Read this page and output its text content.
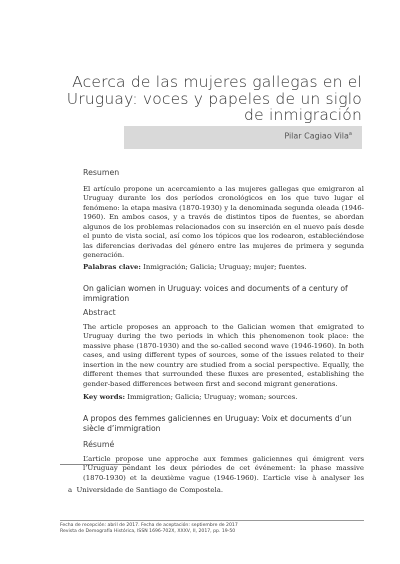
Acerca de las mujeres gallegas en el
Uruguay: voces y papeles de un siglo
de inmigración
Pilar Cagiao Vila$^a$
Resumen
El artículo propone un acercamiento a las mujeres gallegas que emigraron al Uruguay durante los dos períodos cronológicos en los que tuvo lugar el fenómeno: la etapa masiva (1870-1930) y la denominada segunda oleada (1946-1960). En ambos casos, y a través de distintos tipos de fuentes, se abordan algunos de los problemas relacionados con su inserción en el nuevo país desde el punto de vista social, así como los tópicos que los rodearon, estableciéndose las diferencias derivadas del género entre las mujeres de primera y segunda generación.
Palabras clave: Inmigración; Galicia; Uruguay; mujer; fuentes.
On galician women in Uruguay: voices and documents of a century of immigration
Abstract
The article proposes an approach to the Galician women that emigrated to Uruguay during the two periods in which this phenomenon took place: the massive phase (1870-1930) and the so-called second wave (1946-1960). In both cases, and using different types of sources, some of the issues related to their insertion in the new country are studied from a social perspective. Equally, the different themes that surrounded these fluxes are presented, establishing the gender-based differences between first and second migrant generations.
Key words: Immigration; Galicia; Uruguay; woman; sources.
A propos des femmes galiciennes en Uruguay: Voix et documents d’un siècle d’immigration
Résumé
L’article propose une approche aux femmes galiciennes qui émigrent vers l’Uruguay pendant les deux périodes de cet événement: la phase massive (1870-1930) et la deuxième vague (1946-1960). L’article vise à analyser les
a Universidade de Santiago de Compostela.
Fecha de recepción: abril de 2017. Fecha de aceptación: septiembre de 2017
Revista de Demografía Histórica, ISSN 1696-702X, XXXV, II, 2017, pp. 19-50
